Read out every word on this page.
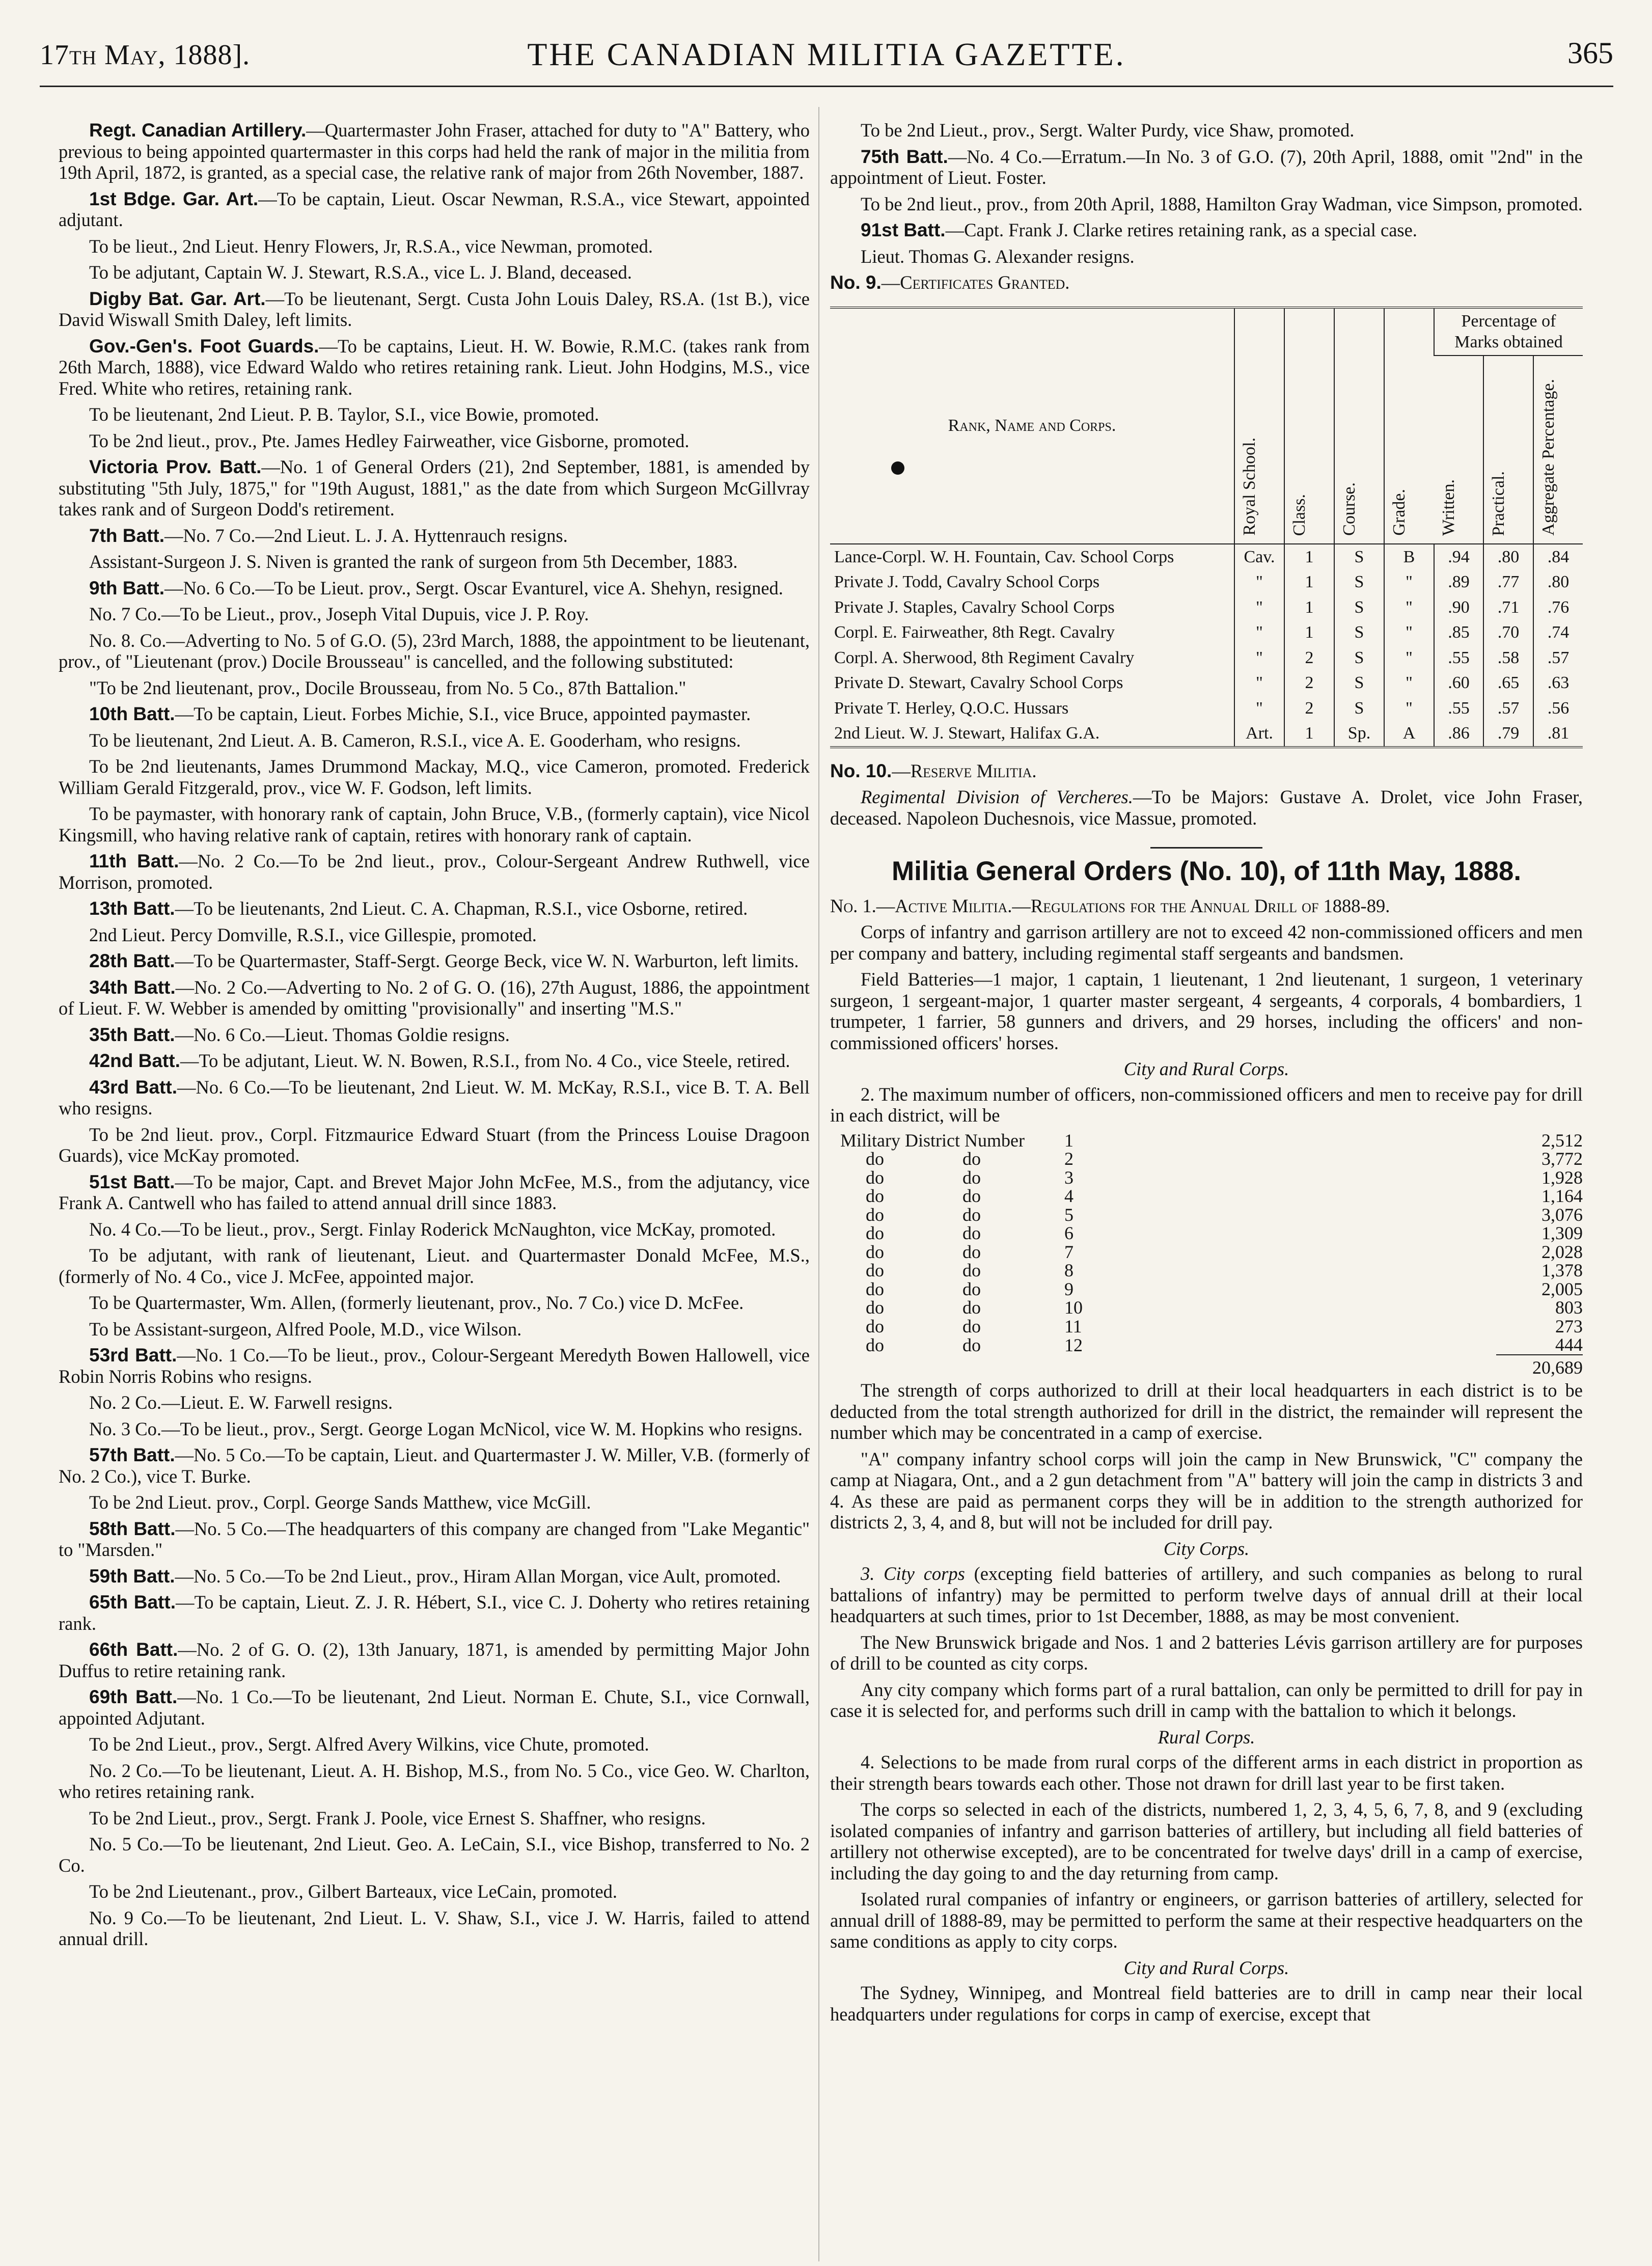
17th May, 1888].	THE CANADIAN MILITIA GAZETTE.	365

Regt. Canadian Artillery.—Quartermaster John Fraser, attached for duty to "A" Battery, who previous to being appointed quartermaster in this corps had held the rank of major in the militia from 19th April, 1872, is granted, as a special case, the relative rank of major from 26th November, 1887.

1st Bdge. Gar. Art.—To be captain, Lieut. Oscar Newman, R.S.A., vice Stewart, appointed adjutant.

To be lieut., 2nd Lieut. Henry Flowers, Jr, R.S.A., vice Newman, promoted.

To be adjutant, Captain W. J. Stewart, R.S.A., vice L. J. Bland, deceased.

Digby Bat. Gar. Art.—To be lieutenant, Sergt. Custa John Louis Daley, RS.A. (1st B.), vice David Wiswall Smith Daley, left limits.

Gov.-Gen's. Foot Guards.—To be captains, Lieut. H. W. Bowie, R.M.C. (takes rank from 26th March, 1888), vice Edward Waldo who retires retaining rank. Lieut. John Hodgins, M.S., vice Fred. White who retires, retaining rank.

To be lieutenant, 2nd Lieut. P. B. Taylor, S.I., vice Bowie, promoted.

To be 2nd lieut., prov., Pte. James Hedley Fairweather, vice Gisborne, promoted.

Victoria Prov. Batt.—No. 1 of General Orders (21), 2nd September, 1881, is amended by substituting "5th July, 1875," for "19th August, 1881," as the date from which Surgeon McGillvray takes rank and of Surgeon Dodd's retirement.

7th Batt.—No. 7 Co.—2nd Lieut. L. J. A. Hyttenrauch resigns.

Assistant-Surgeon J. S. Niven is granted the rank of surgeon from 5th December, 1883.

9th Batt.—No. 6 Co.—To be Lieut. prov., Sergt. Oscar Evanturel, vice A. Shehyn, resigned.

No. 7 Co.—To be Lieut., prov., Joseph Vital Dupuis, vice J. P. Roy.

No. 8. Co.—Adverting to No. 5 of G.O. (5), 23rd March, 1888, the appointment to be lieutenant, prov., of "Lieutenant (prov.) Docile Brousseau" is cancelled, and the following substituted:

"To be 2nd lieutenant, prov., Docile Brousseau, from No. 5 Co., 87th Battalion."

10th Batt.—To be captain, Lieut. Forbes Michie, S.I., vice Bruce, appointed paymaster.

To be lieutenant, 2nd Lieut. A. B. Cameron, R.S.I., vice A. E. Gooderham, who resigns.

To be 2nd lieutenants, James Drummond Mackay, M.Q., vice Cameron, promoted. Frederick William Gerald Fitzgerald, prov., vice W. F. Godson, left limits.

To be paymaster, with honorary rank of captain, John Bruce, V.B., (formerly captain), vice Nicol Kingsmill, who having relative rank of captain, retires with honorary rank of captain.

11th Batt.—No. 2 Co.—To be 2nd lieut., prov., Colour-Sergeant Andrew Ruthwell, vice Morrison, promoted.

13th Batt.—To be lieutenants, 2nd Lieut. C. A. Chapman, R.S.I., vice Osborne, retired.

2nd Lieut. Percy Domville, R.S.I., vice Gillespie, promoted.

28th Batt.—To be Quartermaster, Staff-Sergt. George Beck, vice W. N. Warburton, left limits.

34th Batt.—No. 2 Co.—Adverting to No. 2 of G. O. (16), 27th August, 1886, the appointment of Lieut. F. W. Webber is amended by omitting "provisionally" and inserting "M.S."

35th Batt.—No. 6 Co.—Lieut. Thomas Goldie resigns.

42nd Batt.—To be adjutant, Lieut. W. N. Bowen, R.S.I., from No. 4 Co., vice Steele, retired.

43rd Batt.—No. 6 Co.—To be lieutenant, 2nd Lieut. W. M. McKay, R.S.I., vice B. T. A. Bell who resigns.

To be 2nd lieut. prov., Corpl. Fitzmaurice Edward Stuart (from the Princess Louise Dragoon Guards), vice McKay promoted.

51st Batt.—To be major, Capt. and Brevet Major John McFee, M.S., from the adjutancy, vice Frank A. Cantwell who has failed to attend annual drill since 1883.

No. 4 Co.—To be lieut., prov., Sergt. Finlay Roderick McNaughton, vice McKay, promoted.

To be adjutant, with rank of lieutenant, Lieut. and Quartermaster Donald McFee, M.S., (formerly of No. 4 Co., vice J. McFee, appointed major.

To be Quartermaster, Wm. Allen, (formerly lieutenant, prov., No. 7 Co.) vice D. McFee.

To be Assistant-surgeon, Alfred Poole, M.D., vice Wilson.

53rd Batt.—No. 1 Co.—To be lieut., prov., Colour-Sergeant Meredyth Bowen Hallowell, vice Robin Norris Robins who resigns.

No. 2 Co.—Lieut. E. W. Farwell resigns.

No. 3 Co.—To be lieut., prov., Sergt. George Logan McNicol, vice W. M. Hopkins who resigns.

57th Batt.—No. 5 Co.—To be captain, Lieut. and Quartermaster J. W. Miller, V.B. (formerly of No. 2 Co.), vice T. Burke.

To be 2nd Lieut. prov., Corpl. George Sands Matthew, vice McGill.

58th Batt.—No. 5 Co.—The headquarters of this company are changed from "Lake Megantic" to "Marsden."

59th Batt.—No. 5 Co.—To be 2nd Lieut., prov., Hiram Allan Morgan, vice Ault, promoted.

65th Batt.—To be captain, Lieut. Z. J. R. Hébert, S.I., vice C. J. Doherty who retires retaining rank.

66th Batt.—No. 2 of G. O. (2), 13th January, 1871, is amended by permitting Major John Duffus to retire retaining rank.

69th Batt.—No. 1 Co.—To be lieutenant, 2nd Lieut. Norman E. Chute, S.I., vice Cornwall, appointed Adjutant.

To be 2nd Lieut., prov., Sergt. Alfred Avery Wilkins, vice Chute, promoted.

No. 2 Co.—To be lieutenant, Lieut. A. H. Bishop, M.S., from No. 5 Co., vice Geo. W. Charlton, who retires retaining rank.

To be 2nd Lieut., prov., Sergt. Frank J. Poole, vice Ernest S. Shaffner, who resigns.

No. 5 Co.—To be lieutenant, 2nd Lieut. Geo. A. LeCain, S.I., vice Bishop, transferred to No. 2 Co.

To be 2nd Lieutenant., prov., Gilbert Barteaux, vice LeCain, promoted.

No. 9 Co.—To be lieutenant, 2nd Lieut. L. V. Shaw, S.I., vice J. W. Harris, failed to attend annual drill.

To be 2nd Lieut., prov., Sergt. Walter Purdy, vice Shaw, promoted.

75th Batt.—No. 4 Co.—Erratum.—In No. 3 of G.O. (7), 20th April, 1888, omit "2nd" in the appointment of Lieut. Foster.

To be 2nd lieut., prov., from 20th April, 1888, Hamilton Gray Wadman, vice Simpson, promoted.

91st Batt.—Capt. Frank J. Clarke retires retaining rank, as a special case.

Lieut. Thomas G. Alexander resigns.

No. 9.—Certificates Granted.

Rank, Name and Corps.	Royal School.	Class.	Course.	Grade.	Percentage of Marks obtained		
					Written.	Practical.	Aggregate Percentage.
Lance-Corpl. W. H. Fountain, Cav. School Corps	Cav.	1	S	B	.94	.80	.84
Private J. Todd, Cavalry School Corps	"	1	S	"	.89	.77	.80
Private J. Staples, Cavalry School Corps	"	1	S	"	.90	.71	.76
Corpl. E. Fairweather, 8th Regt. Cavalry	"	1	S	"	.85	.70	.74
Corpl. A. Sherwood, 8th Regiment Cavalry	"	2	S	"	.55	.58	.57
Private D. Stewart, Cavalry School Corps	"	2	S	"	.60	.65	.63
Private T. Herley, Q.O.C. Hussars	"	2	S	"	.55	.57	.56
2nd Lieut. W. J. Stewart, Halifax G.A.	Art.	1	Sp.	A	.86	.79	.81

No. 10.—Reserve Militia.

Regimental Division of Vercheres.—To be Majors: Gustave A. Drolet, vice John Fraser, deceased. Napoleon Duchesnois, vice Massue, promoted.

Militia General Orders (No. 10), of 11th May, 1888.

No. 1.—Active Militia.—Regulations for the Annual Drill of 1888-89.

Corps of infantry and garrison artillery are not to exceed 42 non-commissioned officers and men per company and battery, including regimental staff sergeants and bandsmen.

Field Batteries—1 major, 1 captain, 1 lieutenant, 1 2nd lieutenant, 1 surgeon, 1 veterinary surgeon, 1 sergeant-major, 1 quarter master sergeant, 4 sergeants, 4 corporals, 4 bombardiers, 1 trumpeter, 1 farrier, 58 gunners and drivers, and 29 horses, including the officers' and non-commissioned officers' horses.

City and Rural Corps.

2. The maximum number of officers, non-commissioned officers and men to receive pay for drill in each district, will be

Military District Number		1	2,512
do	do	2	3,772
do	do	3	1,928
do	do	4	1,164
do	do	5	3,076
do	do	6	1,309
do	do	7	2,028
do	do	8	1,378
do	do	9	2,005
do	do	10	803
do	do	11	273
do	do	12	444
			20,689

The strength of corps authorized to drill at their local headquarters in each district is to be deducted from the total strength authorized for drill in the district, the remainder will represent the number which may be concentrated in a camp of exercise.

"A" company infantry school corps will join the camp in New Brunswick, "C" company the camp at Niagara, Ont., and a 2 gun detachment from "A" battery will join the camp in districts 3 and 4. As these are paid as permanent corps they will be in addition to the strength authorized for districts 2, 3, 4, and 8, but will not be included for drill pay.

City Corps.

3. City corps (excepting field batteries of artillery, and such companies as belong to rural battalions of infantry) may be permitted to perform twelve days of annual drill at their local headquarters at such times, prior to 1st December, 1888, as may be most convenient.

The New Brunswick brigade and Nos. 1 and 2 batteries Lévis garrison artillery are for purposes of drill to be counted as city corps.

Any city company which forms part of a rural battalion, can only be permitted to drill for pay in case it is selected for, and performs such drill in camp with the battalion to which it belongs.

Rural Corps.

4. Selections to be made from rural corps of the different arms in each district in proportion as their strength bears towards each other. Those not drawn for drill last year to be first taken.

The corps so selected in each of the districts, numbered 1, 2, 3, 4, 5, 6, 7, 8, and 9 (excluding isolated companies of infantry and garrison batteries of artillery, but including all field batteries of artillery not otherwise excepted), are to be concentrated for twelve days' drill in a camp of exercise, including the day going to and the day returning from camp.

Isolated rural companies of infantry or engineers, or garrison batteries of artillery, selected for annual drill of 1888-89, may be permitted to perform the same at their respective headquarters on the same conditions as apply to city corps.

City and Rural Corps.

The Sydney, Winnipeg, and Montreal field batteries are to drill in camp near their local headquarters under regulations for corps in camp of exercise, except that
